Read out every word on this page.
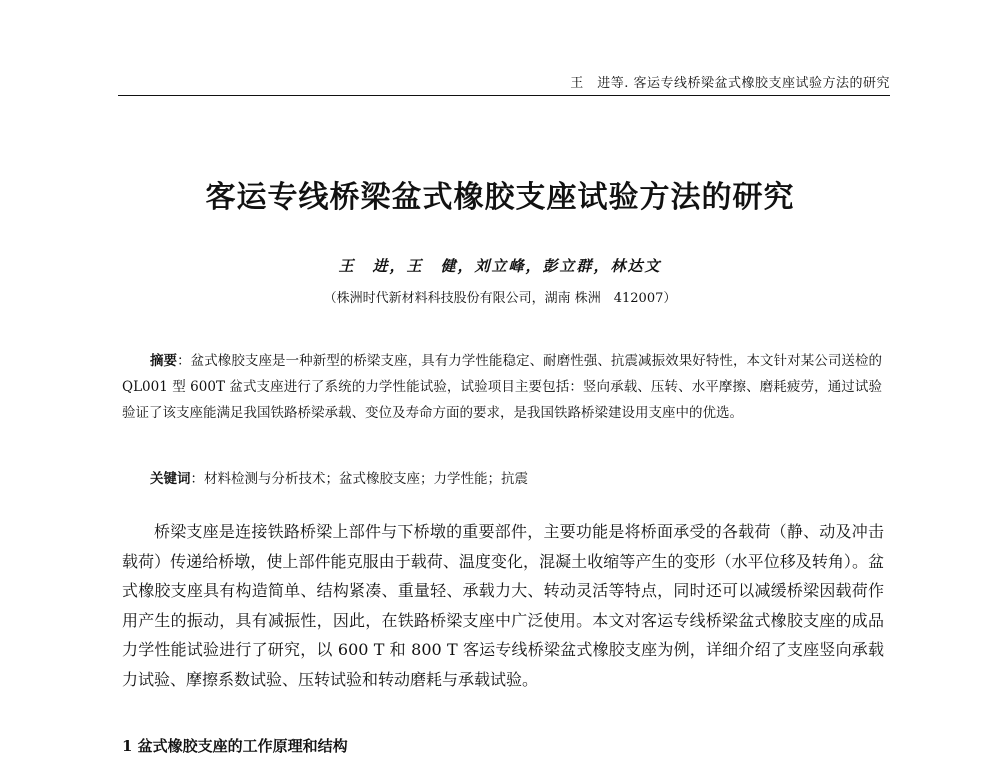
王　进等. 客运专线桥梁盆式橡胶支座试验方法的研究
客运专线桥梁盆式橡胶支座试验方法的研究
王　进，王　健，刘立峰，彭立群，林达文
（株洲时代新材料科技股份有限公司，湖南 株洲　412007）
摘要：盆式橡胶支座是一种新型的桥梁支座，具有力学性能稳定、耐磨性强、抗震减振效果好特性，本文针对某公司送检的 QL001 型 600T 盆式支座进行了系统的力学性能试验，试验项目主要包括：竖向承载、压转、水平摩擦、磨耗疲劳，通过试验验证了该支座能满足我国铁路桥梁承载、变位及寿命方面的要求，是我国铁路桥梁建设用支座中的优选。
关键词：材料检测与分析技术；盆式橡胶支座；力学性能；抗震
桥梁支座是连接铁路桥梁上部件与下桥墩的重要部件，主要功能是将桥面承受的各载荷（静、动及冲击载荷）传递给桥墩，使上部件能克服由于载荷、温度变化，混凝土收缩等产生的变形（水平位移及转角）。盆式橡胶支座具有构造简单、结构紧凑、重量轻、承载力大、转动灵活等特点，同时还可以减缓桥梁因载荷作用产生的振动，具有减振性，因此，在铁路桥梁支座中广泛使用。本文对客运专线桥梁盆式橡胶支座的成品力学性能试验进行了研究，以 600 T 和 800 T 客运专线桥梁盆式橡胶支座为例，详细介绍了支座竖向承载力试验、摩擦系数试验、压转试验和转动磨耗与承载试验。
1 盆式橡胶支座的工作原理和结构
